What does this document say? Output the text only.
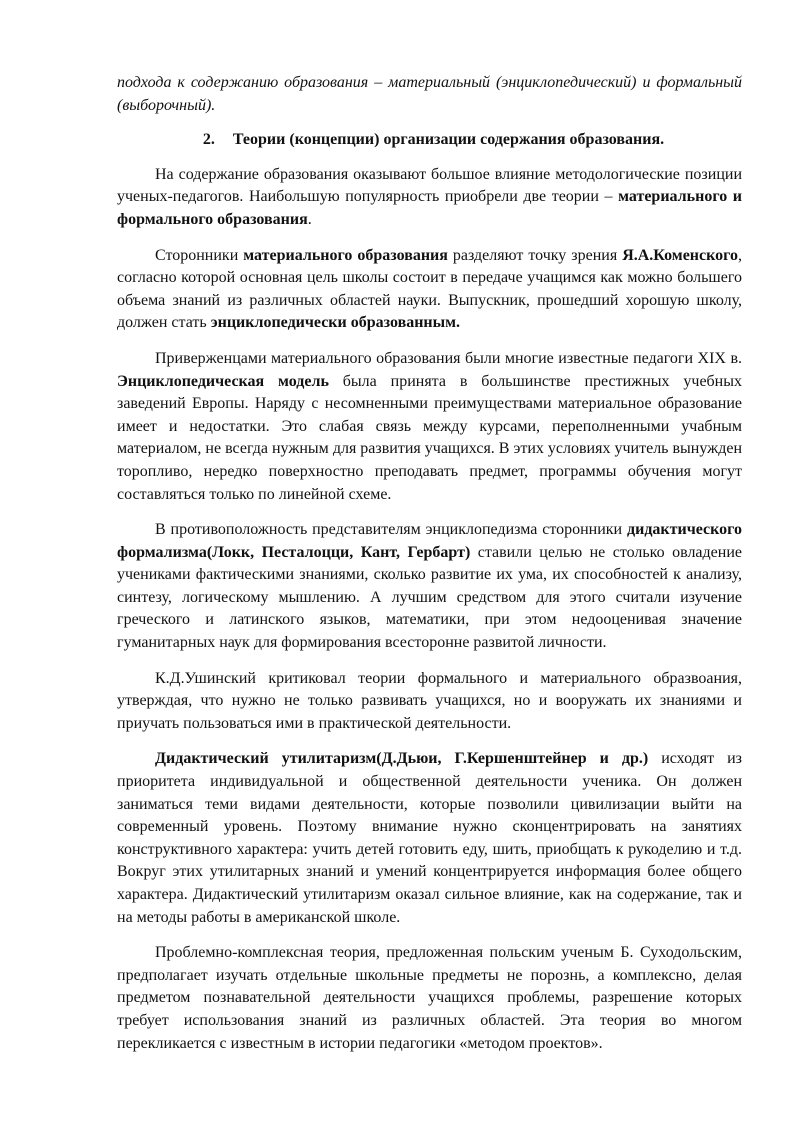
подхода к содержанию образования – материальный (энциклопедический) и формальный (выборочный).

2. Теории (концепции) организации содержания образования.

На содержание образования оказывают большое влияние методологические позиции ученых-педагогов. Наибольшую популярность приобрели две теории – материального и формального образования.

Сторонники материального образования разделяют точку зрения Я.А.Коменского, согласно которой основная цель школы состоит в передаче учащимся как можно большего объема знаний из различных областей науки. Выпускник, прошедший хорошую школу, должен стать энциклопедически образованным.

Приверженцами материального образования были многие известные педагоги XIX в. Энциклопедическая модель была принята в большинстве престижных учебных заведений Европы. Наряду с несомненными преимуществами материальное образование имеет и недостатки. Это слабая связь между курсами, переполненными учабным материалом, не всегда нужным для развития учащихся. В этих условиях учитель вынужден торопливо, нередко поверхностно преподавать предмет, программы обучения могут составляться только по линейной схеме.

В противоположность представителям энциклопедизма сторонники дидактического формализма(Локк, Песталоцци, Кант, Гербарт) ставили целью не столько овладение учениками фактическими знаниями, сколько развитие их ума, их способностей к анализу, синтезу, логическому мышлению. А лучшим средством для этого считали изучение греческого и латинского языков, математики, при этом недооценивая значение гуманитарных наук для формирования всесторонне развитой личности.

К.Д.Ушинский критиковал теории формального и материального образвоания, утверждая, что нужно не только развивать учащихся, но и вооружать их знаниями и приучать пользоваться ими в практической деятельности.

Дидактический утилитаризм(Д.Дьюи, Г.Кершенштейнер и др.) исходят из приоритета индивидуальной и общественной деятельности ученика. Он должен заниматься теми видами деятельности, которые позволили цивилизации выйти на современный уровень. Поэтому внимание нужно сконцентрировать на занятиях конструктивного характера: учить детей готовить еду, шить, приобщать к рукоделию и т.д. Вокруг этих утилитарных знаний и умений концентрируется информация более общего характера. Дидактический утилитаризм оказал сильное влияние, как на содержание, так и на методы работы в американской школе.

Проблемно-комплексная теория, предложенная польским ученым Б. Суходольским, предполагает изучать отдельные школьные предметы не порознь, а комплексно, делая предметом познавательной деятельности учащихся проблемы, разрешение которых требует использования знаний из различных областей. Эта теория во многом перекликается с известным в истории педагогики «методом проектов».
